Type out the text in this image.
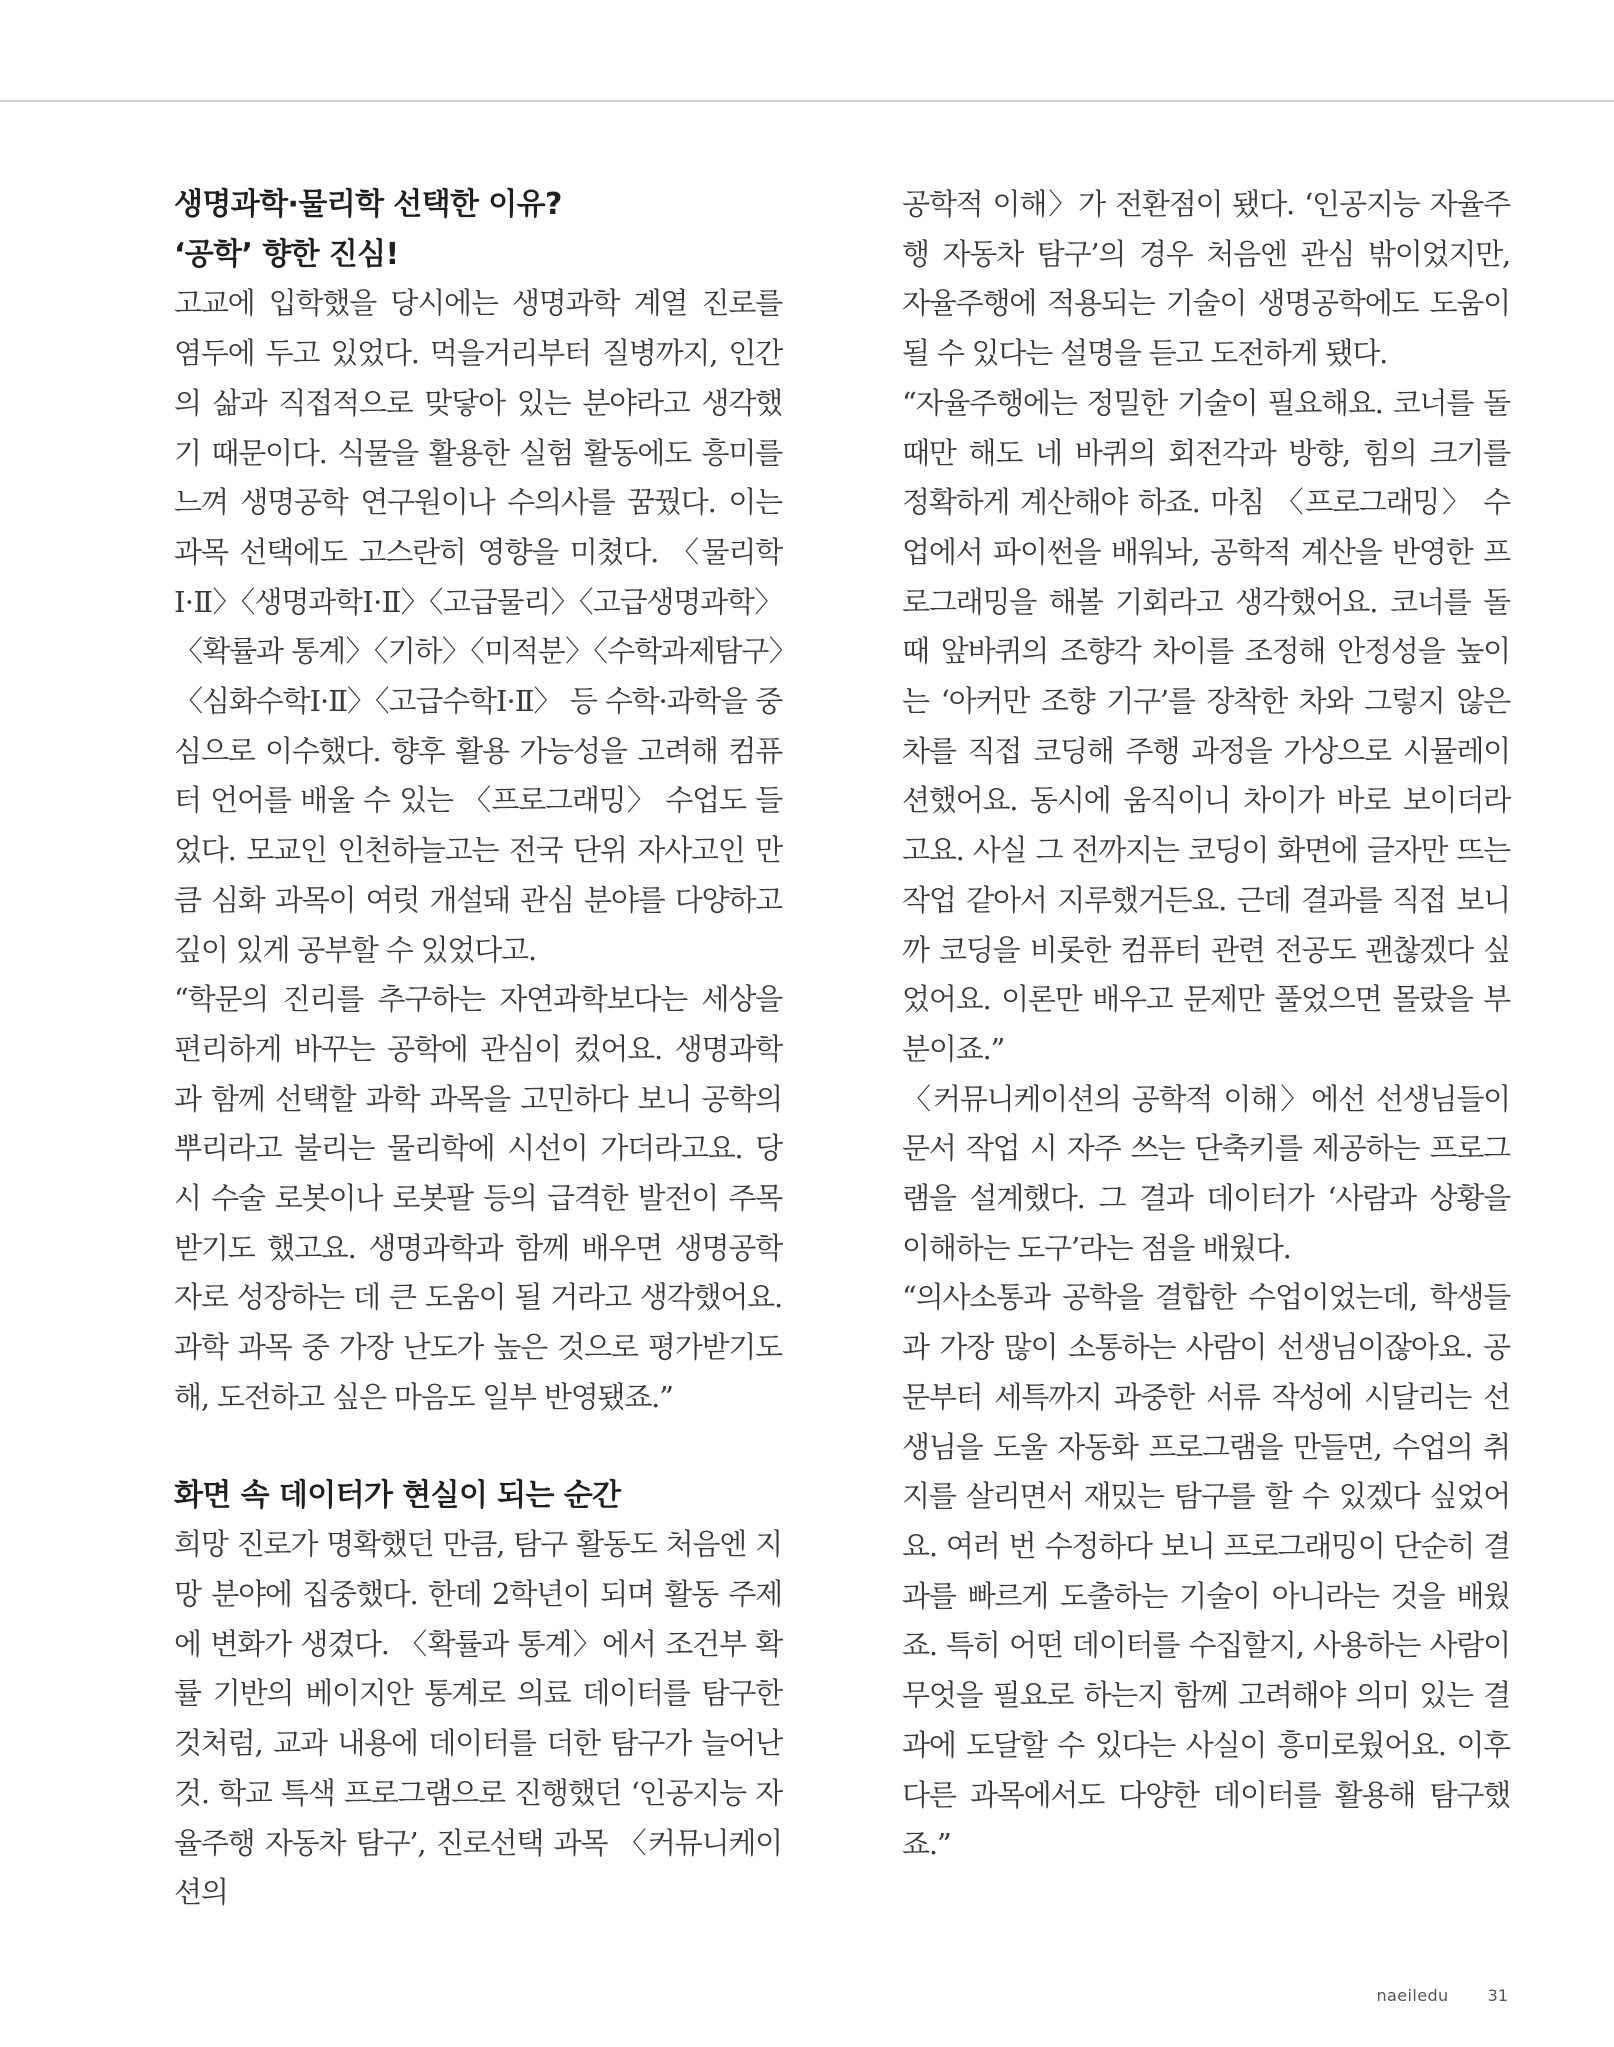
생명과학·물리학 선택한 이유?
‘공학’ 향한 진심!

고교에 입학했을 당시에는 생명과학 계열 진로를 염두에 두고 있었다. 먹을거리부터 질병까지, 인간의 삶과 직접적으로 맞닿아 있는 분야라고 생각했기 때문이다. 식물을 활용한 실험 활동에도 흥미를 느껴 생명공학 연구원이나 수의사를 꿈꿨다. 이는 과목 선택에도 고스란히 영향을 미쳤다. 〈물리학Ⅰ·Ⅱ〉〈생명과학Ⅰ·Ⅱ〉〈고급물리〉〈고급생명과학〉〈확률과 통계〉〈기하〉〈미적분〉〈수학과제탐구〉〈심화수학Ⅰ·Ⅱ〉〈고급수학Ⅰ·Ⅱ〉 등 수학·과학을 중심으로 이수했다. 향후 활용 가능성을 고려해 컴퓨터 언어를 배울 수 있는 〈프로그래밍〉 수업도 들었다. 모교인 인천하늘고는 전국 단위 자사고인 만큼 심화 과목이 여럿 개설돼 관심 분야를 다양하고 깊이 있게 공부할 수 있었다고.

“학문의 진리를 추구하는 자연과학보다는 세상을 편리하게 바꾸는 공학에 관심이 컸어요. 생명과학과 함께 선택할 과학 과목을 고민하다 보니 공학의 뿌리라고 불리는 물리학에 시선이 가더라고요. 당시 수술 로봇이나 로봇팔 등의 급격한 발전이 주목받기도 했고요. 생명과학과 함께 배우면 생명공학자로 성장하는 데 큰 도움이 될 거라고 생각했어요. 과학 과목 중 가장 난도가 높은 것으로 평가받기도 해, 도전하고 싶은 마음도 일부 반영됐죠.”

화면 속 데이터가 현실이 되는 순간

희망 진로가 명확했던 만큼, 탐구 활동도 처음엔 지망 분야에 집중했다. 한데 2학년이 되며 활동 주제에 변화가 생겼다. 〈확률과 통계〉에서 조건부 확률 기반의 베이지안 통계로 의료 데이터를 탐구한 것처럼, 교과 내용에 데이터를 더한 탐구가 늘어난 것. 학교 특색 프로그램으로 진행했던 ‘인공지능 자율주행 자동차 탐구’, 진로선택 과목 〈커뮤니케이션의

공학적 이해〉가 전환점이 됐다. ‘인공지능 자율주행 자동차 탐구’의 경우 처음엔 관심 밖이었지만, 자율주행에 적용되는 기술이 생명공학에도 도움이 될 수 있다는 설명을 듣고 도전하게 됐다.

“자율주행에는 정밀한 기술이 필요해요. 코너를 돌 때만 해도 네 바퀴의 회전각과 방향, 힘의 크기를 정확하게 계산해야 하죠. 마침 〈프로그래밍〉 수업에서 파이썬을 배워놔, 공학적 계산을 반영한 프로그래밍을 해볼 기회라고 생각했어요. 코너를 돌 때 앞바퀴의 조향각 차이를 조정해 안정성을 높이는 ‘아커만 조향 기구’를 장착한 차와 그렇지 않은 차를 직접 코딩해 주행 과정을 가상으로 시뮬레이션했어요. 동시에 움직이니 차이가 바로 보이더라고요. 사실 그 전까지는 코딩이 화면에 글자만 뜨는 작업 같아서 지루했거든요. 근데 결과를 직접 보니까 코딩을 비롯한 컴퓨터 관련 전공도 괜찮겠다 싶었어요. 이론만 배우고 문제만 풀었으면 몰랐을 부분이죠.”

〈커뮤니케이션의 공학적 이해〉에선 선생님들이 문서 작업 시 자주 쓰는 단축키를 제공하는 프로그램을 설계했다. 그 결과 데이터가 ‘사람과 상황을 이해하는 도구’라는 점을 배웠다.

“의사소통과 공학을 결합한 수업이었는데, 학생들과 가장 많이 소통하는 사람이 선생님이잖아요. 공문부터 세특까지 과중한 서류 작성에 시달리는 선생님을 도울 자동화 프로그램을 만들면, 수업의 취지를 살리면서 재밌는 탐구를 할 수 있겠다 싶었어요. 여러 번 수정하다 보니 프로그래밍이 단순히 결과를 빠르게 도출하는 기술이 아니라는 것을 배웠죠. 특히 어떤 데이터를 수집할지, 사용하는 사람이 무엇을 필요로 하는지 함께 고려해야 의미 있는 결과에 도달할 수 있다는 사실이 흥미로웠어요. 이후 다른 과목에서도 다양한 데이터를 활용해 탐구했죠.”

naeiledu 31
